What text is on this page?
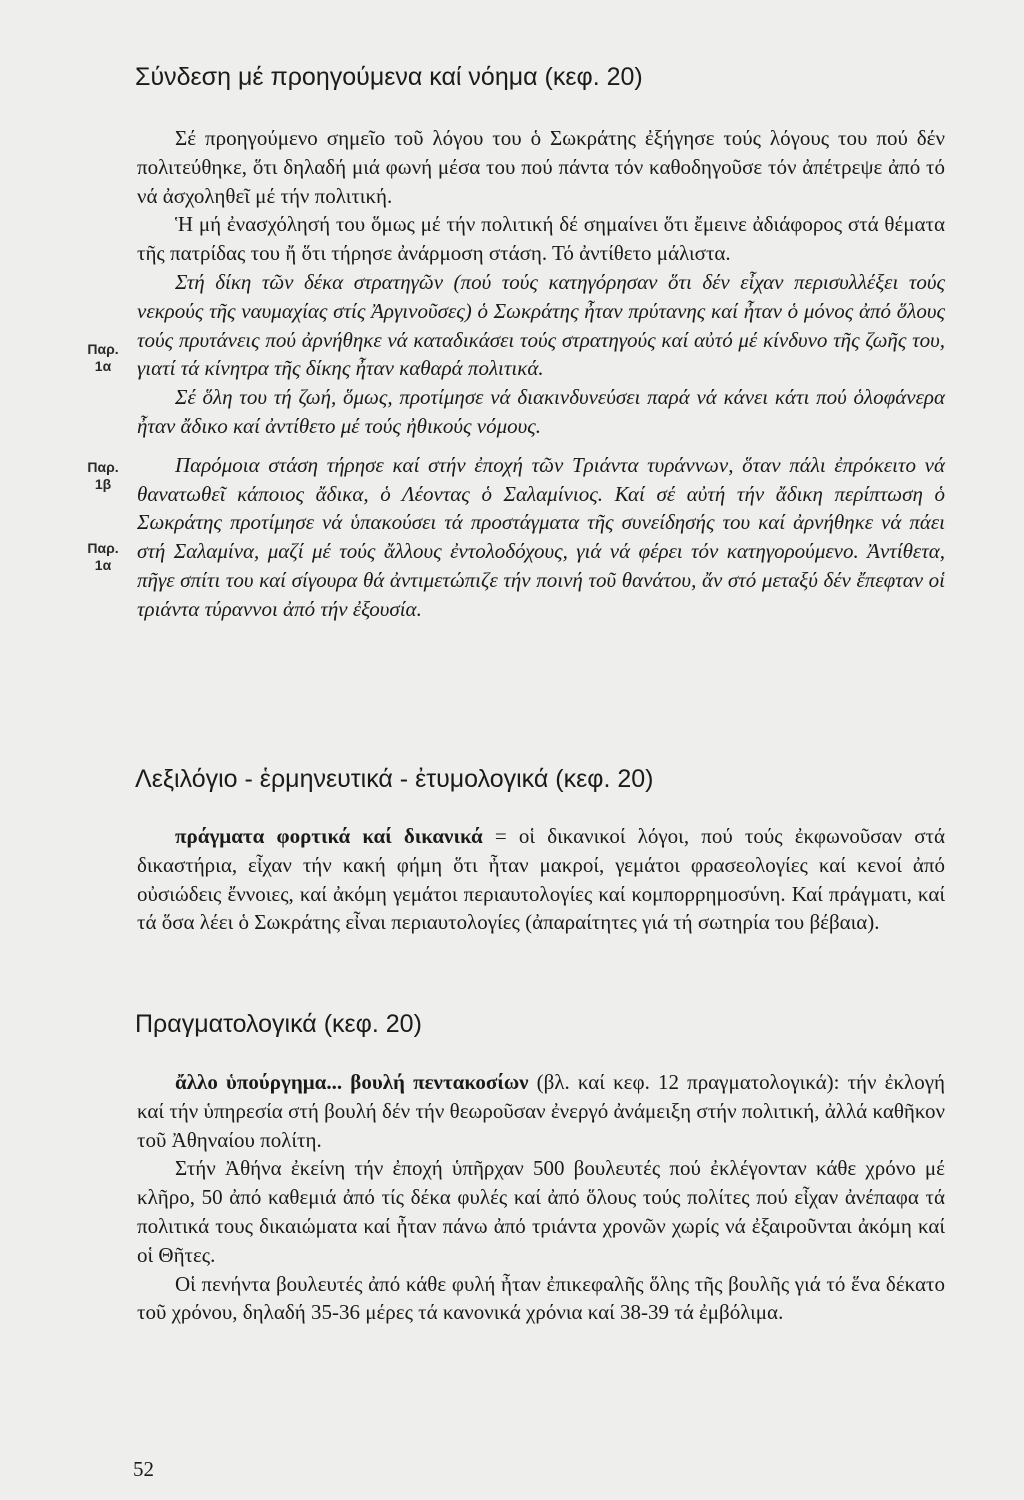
Σύνδεση μέ προηγούμενα καί νόημα (κεφ. 20)

Σέ προηγούμενο σημεῖο τοῦ λόγου του ὁ Σωκράτης ἐξήγησε τούς λόγους του πού δέν πολιτεύθηκε, ὅτι δηλαδή μιά φωνή μέσα του πού πάντα τόν καθοδηγοῦσε τόν ἀπέτρεψε ἀπό τό νά ἀσχοληθεῖ μέ τήν πολιτική.

Ἡ μή ἐνασχόλησή του ὅμως μέ τήν πολιτική δέ σημαίνει ὅτι ἔμεινε ἀδιάφορος στά θέματα τῆς πατρίδας του ἤ ὅτι τήρησε ἀνάρμοση στάση. Τό ἀντίθετο μάλιστα.

Στή δίκη τῶν δέκα στρατηγῶν (πού τούς κατηγόρησαν ὅτι δέν εἶχαν περισυλλέξει τούς νεκρούς τῆς ναυμαχίας στίς Ἀργινοῦσες) ὁ Σωκράτης ἦταν πρύτανης καί ἦταν ὁ μόνος ἀπό ὅλους τούς πρυτάνεις πού ἀρνήθηκε νά καταδικάσει τούς στρατηγούς καί αὐτό μέ κίνδυνο τῆς ζωῆς του, γιατί τά κίνητρα τῆς δίκης ἦταν καθαρά πολιτικά.

Σέ ὅλη του τή ζωή, ὅμως, προτίμησε νά διακινδυνεύσει παρά νά κάνει κάτι πού ὁλοφάνερα ἦταν ἄδικο καί ἀντίθετο μέ τούς ἠθικούς νόμους.

Παρόμοια στάση τήρησε καί στήν ἐποχή τῶν Τριάντα τυράννων, ὅταν πάλι ἐπρόκειτο νά θανατωθεῖ κάποιος ἄδικα, ὁ Λέοντας ὁ Σαλαμίνιος. Καί σέ αὐτή τήν ἄδικη περίπτωση ὁ Σωκράτης προτίμησε νά ὑπακούσει τά προστάγματα τῆς συνείδησής του καί ἀρνήθηκε νά πάει στή Σαλαμίνα, μαζί μέ τούς ἄλλους ἐντολοδόχους, γιά νά φέρει τόν κατηγορούμενο. Ἀντίθετα, πῆγε σπίτι του καί σίγουρα θά ἀντιμετώπιζε τήν ποινή τοῦ θανάτου, ἄν στό μεταξύ δέν ἔπεφταν οἱ τριάντα τύραννοι ἀπό τήν ἐξουσία.

Παρ. 1α
Παρ. 1β
Παρ. 1α
Λεξιλόγιο - ἑρμηνευτικά - ἐτυμολογικά (κεφ. 20)

πράγματα φορτικά καί δικανικά = οἱ δικανικοί λόγοι, πού τούς ἐκφωνοῦσαν στά δικαστήρια, εἶχαν τήν κακή φήμη ὅτι ἦταν μακροί, γεμάτοι φρασεολογίες καί κενοί ἀπό οὐσιώδεις ἔννοιες, καί ἀκόμη γεμάτοι περιαυτολογίες καί κομπορρημοσύνη. Καί πράγματι, καί τά ὅσα λέει ὁ Σωκράτης εἶναι περιαυτολογίες (ἀπαραίτητες γιά τή σωτηρία του βέβαια).

Πραγματολογικά (κεφ. 20)

ἄλλο ὑπούργημα... βουλή πεντακοσίων (βλ. καί κεφ. 12 πραγματολογικά): τήν ἐκλογή καί τήν ὑπηρεσία στή βουλή δέν τήν θεωροῦσαν ἐνεργό ἀνάμειξη στήν πολιτική, ἀλλά καθῆκον τοῦ Ἀθηναίου πολίτη.

Στήν Ἀθήνα ἐκείνη τήν ἐποχή ὑπῆρχαν 500 βουλευτές πού ἐκλέγονταν κάθε χρόνο μέ κλῆρο, 50 ἀπό καθεμιά ἀπό τίς δέκα φυλές καί ἀπό ὅλους τούς πολίτες πού εἶχαν ἀνέπαφα τά πολιτικά τους δικαιώματα καί ἦταν πάνω ἀπό τριάντα χρονῶν χωρίς νά ἐξαιροῦνται ἀκόμη καί οἱ Θῆτες.

Οἱ πενήντα βουλευτές ἀπό κάθε φυλή ἦταν ἐπικεφαλῆς ὅλης τῆς βουλῆς γιά τό ἕνα δέκατο τοῦ χρόνου, δηλαδή 35-36 μέρες τά κανονικά χρόνια καί 38-39 τά ἐμβόλιμα.

52
